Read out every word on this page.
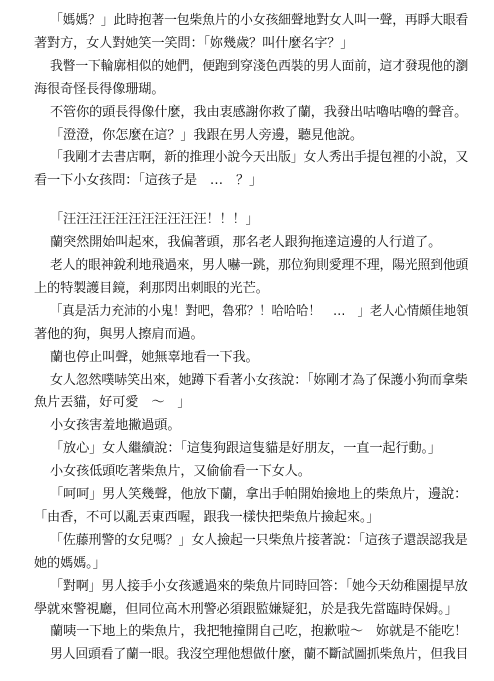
「媽媽？」此時抱著一包柴魚片的小女孩細聲地對女人叫一聲，再睜大眼看
著對方，女人對她笑一笑問：「妳幾歲？叫什麼名字？」
我瞥一下輪廓相似的她們，便跑到穿淺色西裝的男人面前，這才發現他的瀏
海很奇怪長得像珊瑚。
不管你的頭長得像什麼，我由衷感謝你救了蘭，我發出咕嚕咕嚕的聲音。
「澄澄，你怎麼在這？」我跟在男人旁邊，聽見他說。
「我剛才去書店啊，新的推理小說今天出版」女人秀出手提包裡的小說，又
看一下小女孩問：「這孩子是　…　？」
「汪汪汪汪汪汪汪汪汪汪汪！！！」
蘭突然開始叫起來，我偏著頭，那名老人跟狗拖達這邊的人行道了。
老人的眼神銳利地飛過來，男人嚇一跳，那位狗則愛理不理，陽光照到他頭
上的特製護目鏡，剎那閃出刺眼的光芒。
「真是活力充沛的小鬼！對吧，魯邪？！哈哈哈！　…　」老人心情頗佳地領
著他的狗，與男人擦肩而過。
蘭也停止叫聲，她無辜地看一下我。
女人忽然噗哧笑出來，她蹲下看著小女孩說：「妳剛才為了保護小狗而拿柴
魚片丟貓，好可愛　～　」
小女孩害羞地撇過頭。
「放心」女人繼續說：「這隻狗跟這隻貓是好朋友，一直一起行動。」
小女孩低頭吃著柴魚片，又偷偷看一下女人。
「呵呵」男人笑幾聲，他放下蘭，拿出手帕開始撿地上的柴魚片，邊說：
「由香，不可以亂丟東西喔，跟我一樣快把柴魚片撿起來。」
「佐藤刑警的女兒嗎？」女人撿起一只柴魚片接著說：「這孩子還誤認我是
她的媽媽。」
「對啊」男人接手小女孩遞過來的柴魚片同時回答：「她今天幼稚園提早放
學就來警視廳，但同位高木刑警必須跟監嫌疑犯，於是我先當臨時保姆。」
蘭咦一下地上的柴魚片，我把牠撞開自己吃，抱歉啦～　妳就是不能吃！
男人回頭看了蘭一眼。我沒空理他想做什麼，蘭不斷試圖抓柴魚片，但我目
